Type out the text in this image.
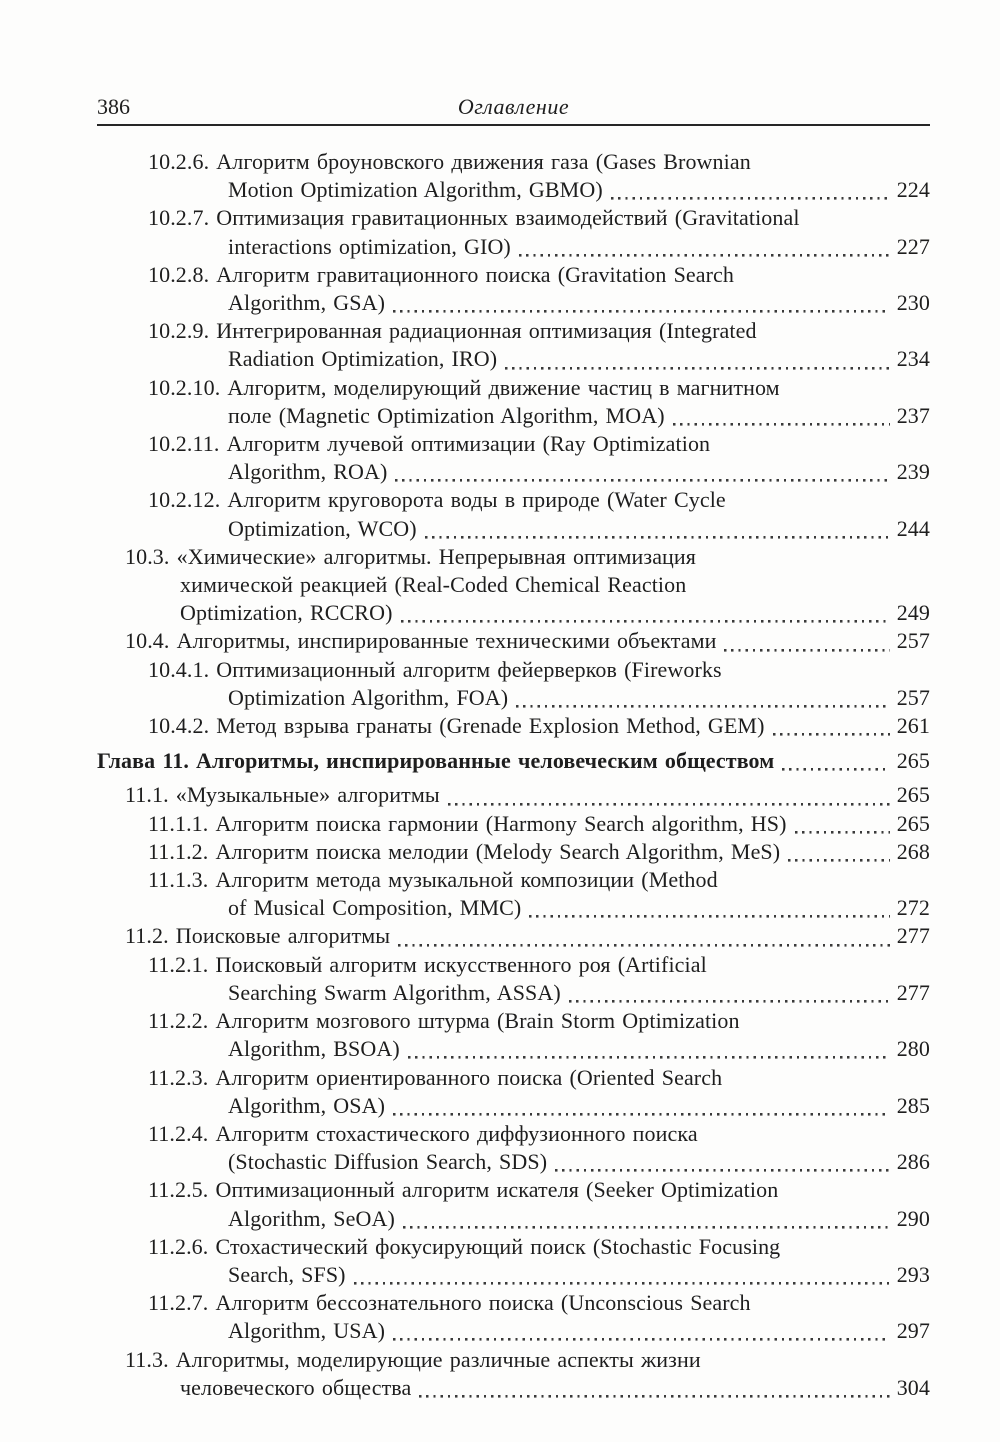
386	Оглавление
10.2.6. Алгоритм броуновского движения газа (Gases Brownian
Motion Optimization Algorithm, GBMO)	224
10.2.7. Оптимизация гравитационных взаимодействий (Gravitational
interactions optimization, GIO)	227
10.2.8. Алгоритм гравитационного поиска (Gravitation Search
Algorithm, GSA)	230
10.2.9. Интегрированная радиационная оптимизация (Integrated
Radiation Optimization, IRO)	234
10.2.10. Алгоритм, моделирующий движение частиц в магнитном
поле (Magnetic Optimization Algorithm, MOA)	237
10.2.11. Алгоритм лучевой оптимизации (Ray Optimization
Algorithm, ROA)	239
10.2.12. Алгоритм круговорота воды в природе (Water Cycle
Optimization, WCO)	244
10.3. «Химические» алгоритмы. Непрерывная оптимизация
химической реакцией (Real-Coded Chemical Reaction
Optimization, RCCRO)	249
10.4. Алгоритмы, инспирированные техническими объектами	257
10.4.1. Оптимизационный алгоритм фейерверков (Fireworks
Optimization Algorithm, FOA)	257
10.4.2. Метод взрыва гранаты (Grenade Explosion Method, GEM)	261
Глава 11. Алгоритмы, инспирированные человеческим обществом	265
11.1. «Музыкальные» алгоритмы	265
11.1.1. Алгоритм поиска гармонии (Harmony Search algorithm, HS)	265
11.1.2. Алгоритм поиска мелодии (Melody Search Algorithm, MeS)	268
11.1.3. Алгоритм метода музыкальной композиции (Method
of Musical Composition, MMC)	272
11.2. Поисковые алгоритмы	277
11.2.1. Поисковый алгоритм искусственного роя (Artificial
Searching Swarm Algorithm, ASSA)	277
11.2.2. Алгоритм мозгового штурма (Brain Storm Optimization
Algorithm, BSOA)	280
11.2.3. Алгоритм ориентированного поиска (Oriented Search
Algorithm, OSA)	285
11.2.4. Алгоритм стохастического диффузионного поиска
(Stochastic Diffusion Search, SDS)	286
11.2.5. Оптимизационный алгоритм искателя (Seeker Optimization
Algorithm, SeOA)	290
11.2.6. Стохастический фокусирующий поиск (Stochastic Focusing
Search, SFS)	293
11.2.7. Алгоритм бессознательного поиска (Unconscious Search
Algorithm, USA)	297
11.3. Алгоритмы, моделирующие различные аспекты жизни
человеческого общества	304
